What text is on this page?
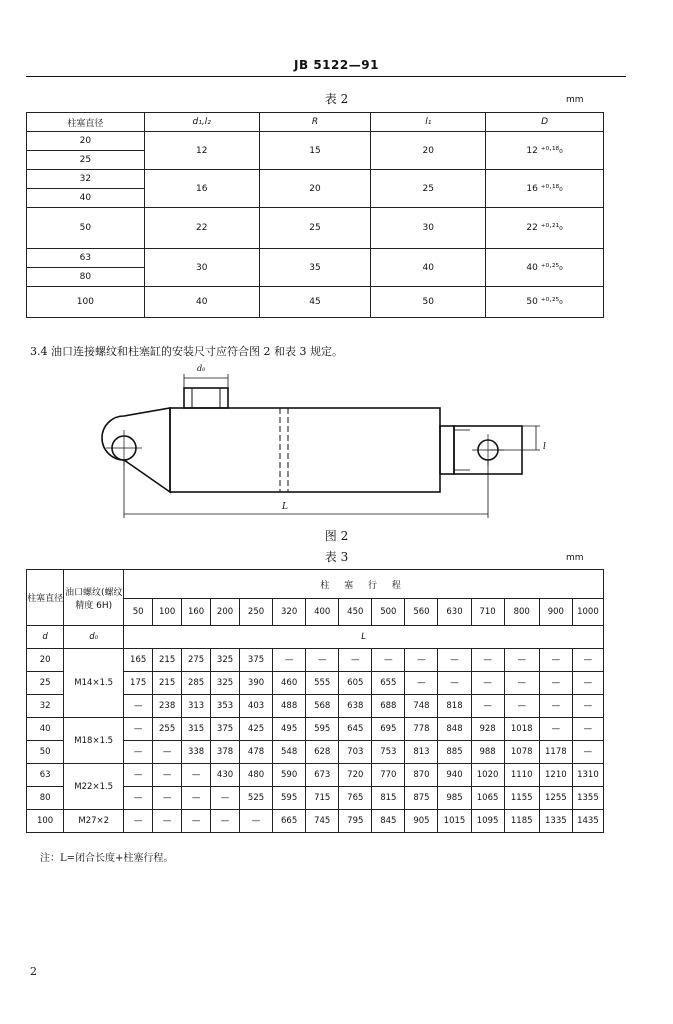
JB 5122—91
表 2	mm
柱塞直径	d₁,l₂	R	l₁	D
20	12	15	20	12 ⁺⁰·¹⁸₀
25				
32	16	20	25	16 ⁺⁰·¹⁸₀
40				
50	22	25	30	22 ⁺⁰·²¹₀
63	30	35	40	40 ⁺⁰·²⁵₀
80				
100	40	45	50	50 ⁺⁰·²⁵₀
3.4 油口连接螺纹和柱塞缸的安装尺寸应符合图 2 和表 3 规定。
d₀
l
L
图 2
表 3	mm
柱塞直径	油口螺纹(螺纹精度 6H)	柱 塞 行 程														
		50	100	160	200	250	320	400	450	500	560	630	710	800	900	1000
d	d₀	L														
20	M14×1.5	165	215	275	325	375	—	—	—	—	—	—	—	—	—	—
25		175	215	285	325	390	460	555	605	655	—	—	—	—	—	—
32		—	238	313	353	403	488	568	638	688	748	818	—	—	—	—
40	M18×1.5	—	255	315	375	425	495	595	645	695	778	848	928	1018	—	—
50		—	—	338	378	478	548	628	703	753	813	885	988	1078	1178	—
63	M22×1.5	—	—	—	430	480	590	673	720	770	870	940	1020	1110	1210	1310
80		—	—	—	—	525	595	715	765	815	875	985	1065	1155	1255	1355
100	M27×2	—	—	—	—	—	665	745	795	845	905	1015	1095	1185	1335	1435
注：L=闭合长度+柱塞行程。
2
